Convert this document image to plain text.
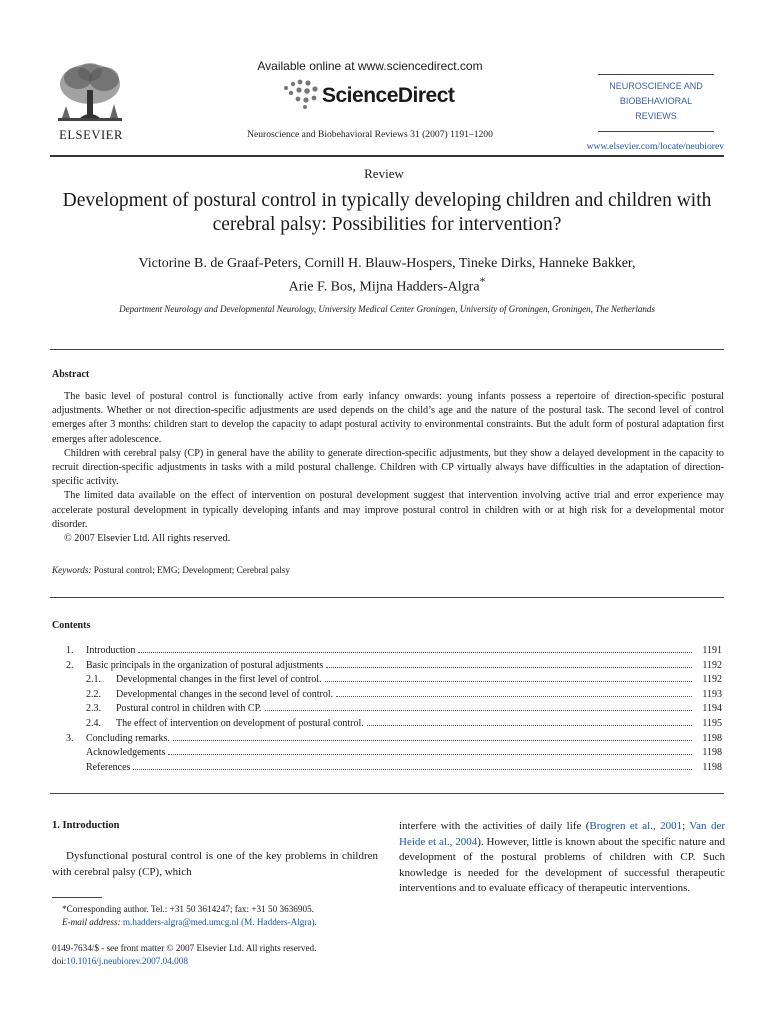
ELSEVIER
Available online at www.sciencedirect.com
ScienceDirect
Neuroscience and Biobehavioral Reviews 31 (2007) 1191–1200
NEUROSCIENCE AND
BIOBEHAVIORAL
REVIEWS
www.elsevier.com/locate/neubiorev
Review
Development of postural control in typically developing children and children with cerebral palsy: Possibilities for intervention?
Victorine B. de Graaf-Peters, Cornill H. Blauw-Hospers, Tineke Dirks, Hanneke Bakker,
Arie F. Bos, Mijna Hadders-Algra*
Department Neurology and Developmental Neurology, University Medical Center Groningen, University of Groningen, Groningen, The Netherlands
Abstract

The basic level of postural control is functionally active from early infancy onwards: young infants possess a repertoire of direction-specific postural adjustments. Whether or not direction-specific adjustments are used depends on the child’s age and the nature of the postural task. The second level of control emerges after 3 months: children start to develop the capacity to adapt postural activity to environmental constraints. But the adult form of postural adaptation first emerges after adolescence.

Children with cerebral palsy (CP) in general have the ability to generate direction-specific adjustments, but they show a delayed development in the capacity to recruit direction-specific adjustments in tasks with a mild postural challenge. Children with CP virtually always have difficulties in the adaptation of direction-specific activity.

The limited data available on the effect of intervention on postural development suggest that intervention involving active trial and error experience may accelerate postural development in typically developing infants and may improve postural control in children with or at high risk for a developmental motor disorder.

© 2007 Elsevier Ltd. All rights reserved.

Keywords: Postural control; EMG; Development; Cerebral palsy
Contents
1.	Introduction	1191
2.	Basic principals in the organization of postural adjustments	1192
2.1.	Developmental changes in the first level of control.	1192
2.2.	Developmental changes in the second level of control.	1193
2.3.	Postural control in children with CP.	1194
2.4.	The effect of intervention on development of postural control.	1195
3.	Concluding remarks.	1198
Acknowledgements	1198
References	1198
1. Introduction
Dysfunctional postural control is one of the key problems in children with cerebral palsy (CP), which
interfere with the activities of daily life (Brogren et al., 2001; Van der Heide et al., 2004). However, little is known about the specific nature and development of the postural problems of children with CP. Such knowledge is needed for the development of successful therapeutic interventions and to evaluate efficacy of therapeutic interventions.
*Corresponding author. Tel.: +31 50 3614247; fax: +31 50 3636905.
E-mail address: m.hadders-algra@med.umcg.nl (M. Hadders-Algra).
0149-7634/$ - see front matter © 2007 Elsevier Ltd. All rights reserved.
doi:10.1016/j.neubiorev.2007.04.008
